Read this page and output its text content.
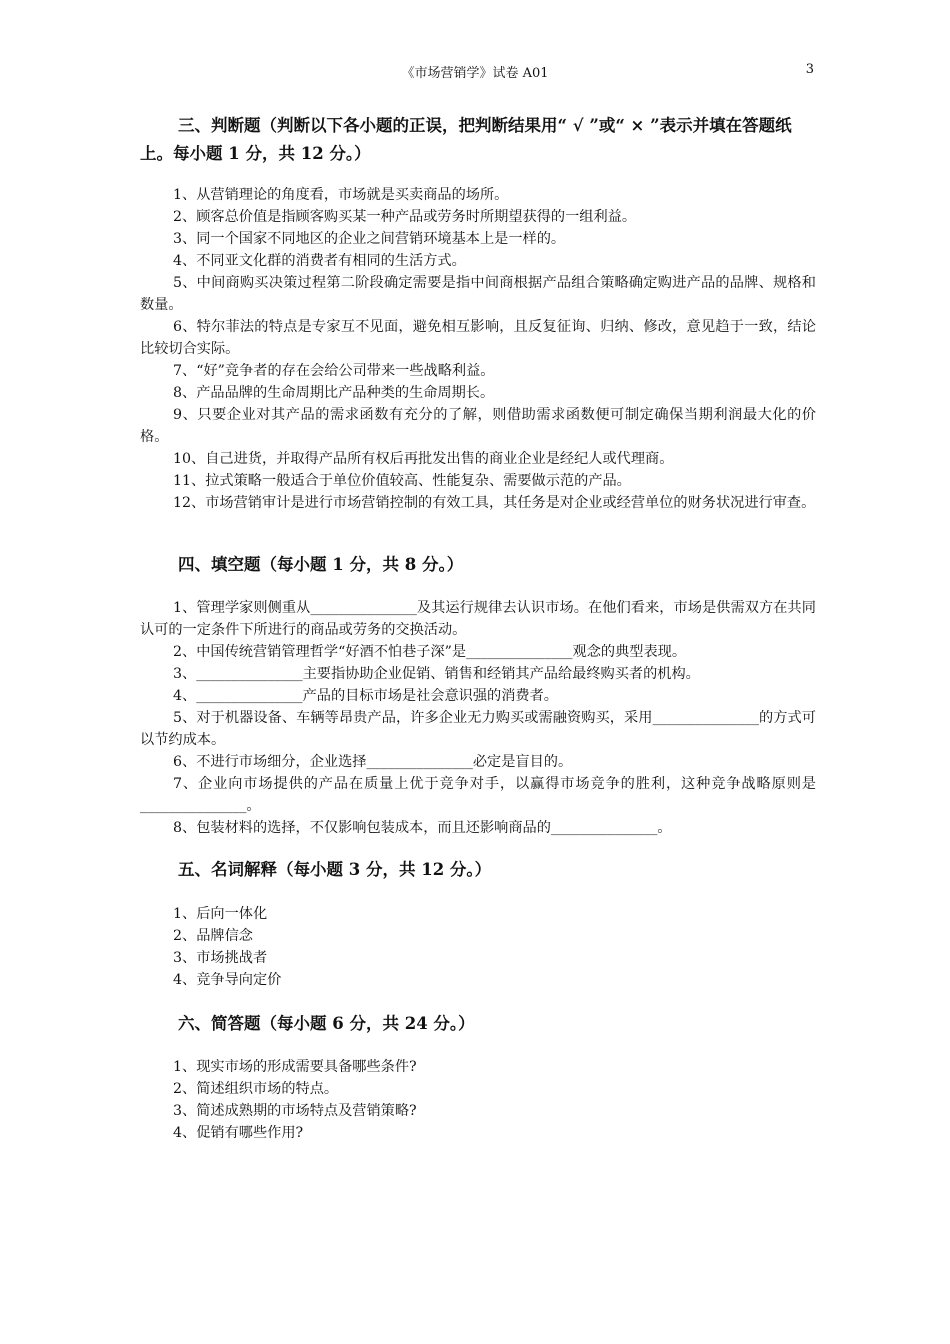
《市场营销学》试卷 A01	3
三、判断题（判断以下各小题的正误，把判断结果用“ √ ”或“ × ”表示并填在答题纸上。每小题 1 分，共 12 分。）
1、从营销理论的角度看，市场就是买卖商品的场所。
2、顾客总价值是指顾客购买某一种产品或劳务时所期望获得的一组利益。
3、同一个国家不同地区的企业之间营销环境基本上是一样的。
4、不同亚文化群的消费者有相同的生活方式。
5、中间商购买决策过程第二阶段确定需要是指中间商根据产品组合策略确定购进产品的品牌、规格和数量。
6、特尔菲法的特点是专家互不见面，避免相互影响，且反复征询、归纳、修改，意见趋于一致，结论比较切合实际。
7、“好”竞争者的存在会给公司带来一些战略利益。
8、产品品牌的生命周期比产品种类的生命周期长。
9、只要企业对其产品的需求函数有充分的了解，则借助需求函数便可制定确保当期利润最大化的价格。
10、自己进货，并取得产品所有权后再批发出售的商业企业是经纪人或代理商。
11、拉式策略一般适合于单位价值较高、性能复杂、需要做示范的产品。
12、市场营销审计是进行市场营销控制的有效工具，其任务是对企业或经营单位的财务状况进行审查。
四、填空题（每小题 1 分，共 8 分。）
1、管理学家则侧重从_______________及其运行规律去认识市场。在他们看来，市场是供需双方在共同认可的一定条件下所进行的商品或劳务的交换活动。
2、中国传统营销管理哲学“好酒不怕巷子深”是_______________观念的典型表现。
3、_______________主要指协助企业促销、销售和经销其产品给最终购买者的机构。
4、_______________产品的目标市场是社会意识强的消费者。
5、对于机器设备、车辆等昂贵产品，许多企业无力购买或需融资购买，采用_______________的方式可以节约成本。
6、不进行市场细分，企业选择_______________必定是盲目的。
7、企业向市场提供的产品在质量上优于竞争对手，以赢得市场竞争的胜利，这种竞争战略原则是_______________。
8、包装材料的选择，不仅影响包装成本，而且还影响商品的_______________。
五、名词解释（每小题 3 分，共 12 分。）
1、后向一体化
2、品牌信念
3、市场挑战者
4、竞争导向定价
六、简答题（每小题 6 分，共 24 分。）
1、现实市场的形成需要具备哪些条件?
2、简述组织市场的特点。
3、简述成熟期的市场特点及营销策略?
4、促销有哪些作用?
